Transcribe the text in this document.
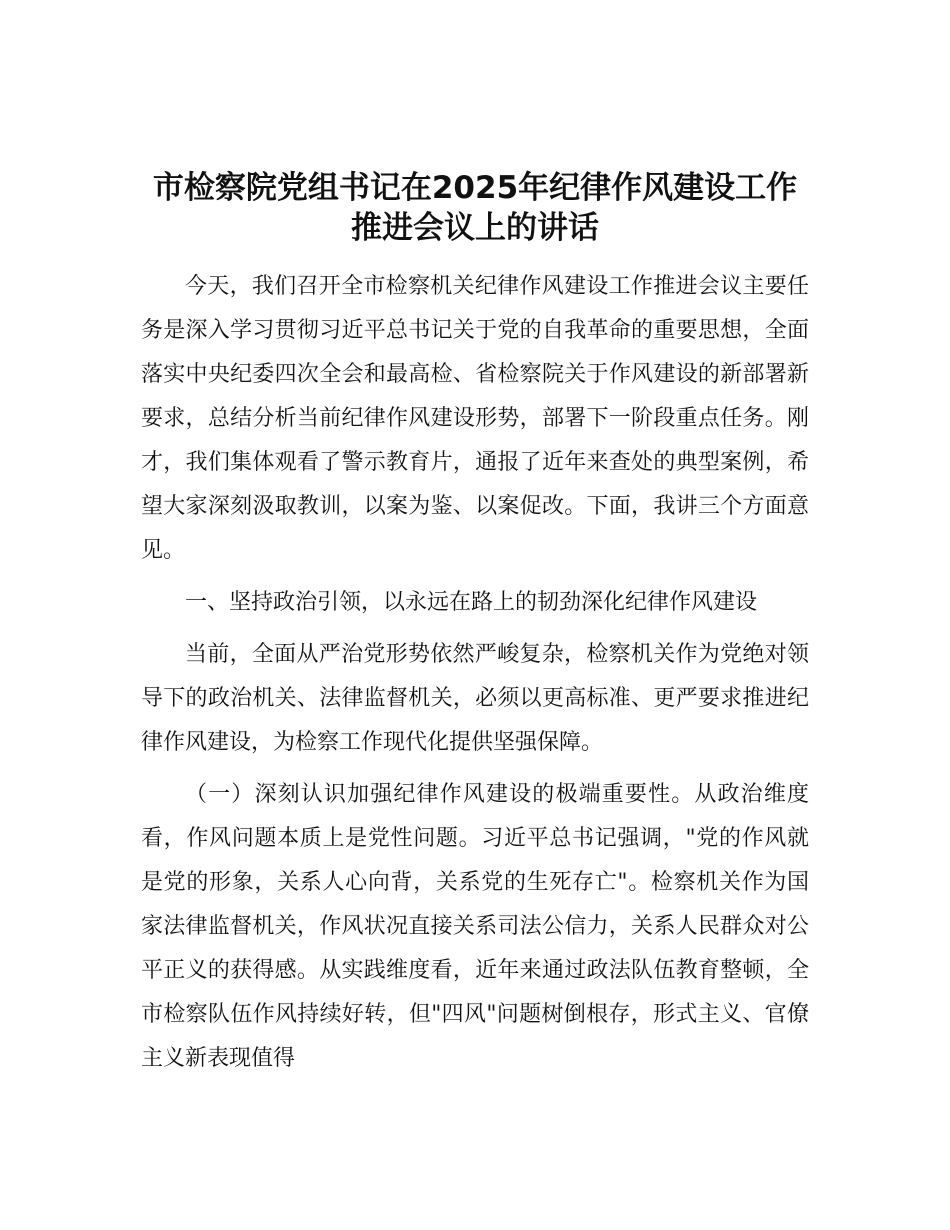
市检察院党组书记在2025年纪律作风建设工作
推进会议上的讲话

今天，我们召开全市检察机关纪律作风建设工作推进会议主要任务是深入学习贯彻习近平总书记关于党的自我革命的重要思想，全面落实中央纪委四次全会和最高检、省检察院关于作风建设的新部署新要求，总结分析当前纪律作风建设形势，部署下一阶段重点任务。刚才，我们集体观看了警示教育片，通报了近年来查处的典型案例，希望大家深刻汲取教训，以案为鉴、以案促改。下面，我讲三个方面意见。

一、坚持政治引领，以永远在路上的韧劲深化纪律作风建设

当前，全面从严治党形势依然严峻复杂，检察机关作为党绝对领导下的政治机关、法律监督机关，必须以更高标准、更严要求推进纪律作风建设，为检察工作现代化提供坚强保障。

（一）深刻认识加强纪律作风建设的极端重要性。从政治维度看，作风问题本质上是党性问题。习近平总书记强调，"党的作风就是党的形象，关系人心向背，关系党的生死存亡"。检察机关作为国家法律监督机关，作风状况直接关系司法公信力，关系人民群众对公平正义的获得感。从实践维度看，近年来通过政法队伍教育整顿，全市检察队伍作风持续好转，但"四风"问题树倒根存，形式主义、官僚主义新表现值得
